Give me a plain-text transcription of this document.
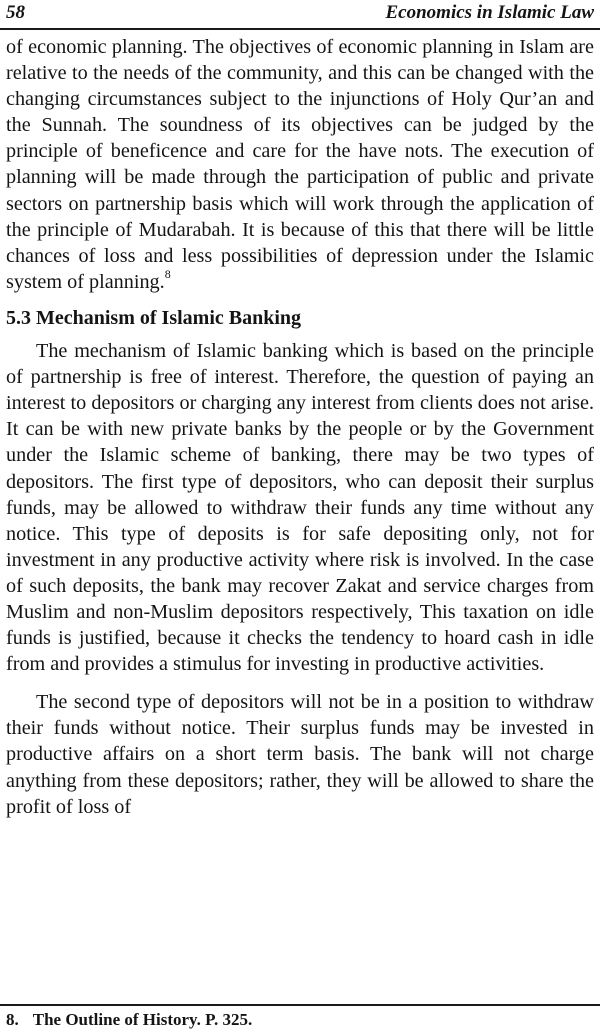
58	Economics in Islamic Law

of economic planning. The objectives of economic planning in Islam are relative to the needs of the community, and this can be changed with the changing circumstances subject to the injunctions of Holy Qur’an and the Sunnah. The soundness of its objectives can be judged by the principle of beneficence and care for the have nots. The execution of planning will be made through the participation of public and private sectors on partnership basis which will work through the application of the principle of Mudarabah. It is because of this that there will be little chances of loss and less possibilities of depression under the Islamic system of planning.$^8$

5.3 Mechanism of Islamic Banking

The mechanism of Islamic banking which is based on the principle of partnership is free of interest. Therefore, the question of paying an interest to depositors or charging any interest from clients does not arise. It can be with new private banks by the people or by the Government under the Islamic scheme of banking, there may be two types of depositors. The first type of depositors, who can deposit their surplus funds, may be allowed to withdraw their funds any time without any notice. This type of deposits is for safe depositing only, not for investment in any productive activity where risk is involved. In the case of such deposits, the bank may recover Zakat and service charges from Muslim and non-Muslim depositors respectively, This taxation on idle funds is justified, because it checks the tendency to hoard cash in idle from and provides a stimulus for investing in productive activities.

The second type of depositors will not be in a position to withdraw their funds without notice. Their surplus funds may be invested in productive affairs on a short term basis. The bank will not charge anything from these depositors; rather, they will be allowed to share the profit of loss of

8. The Outline of History. P. 325.
